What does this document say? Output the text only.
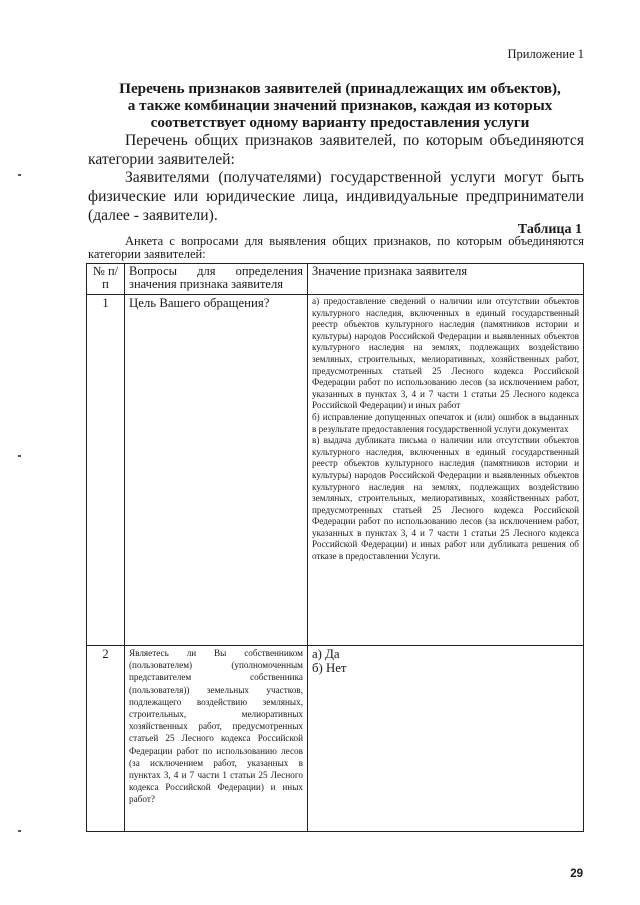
Приложение 1
Перечень признаков заявителей (принадлежащих им объектов),
а также комбинации значений признаков, каждая из которых
соответствует одному варианту предоставления услуги
Перечень общих признаков заявителей, по которым объединяются категории заявителей:
Заявителями (получателями) государственной услуги могут быть физические или юридические лица, индивидуальные предприниматели (далее - заявители).
Таблица 1
Анкета с вопросами для выявления общих признаков, по которым объединяются категории заявителей:
№ п/п	Вопросы для определения значения признака заявителя	Значение признака заявителя
1	Цель Вашего обращения?	а) предоставление сведений о наличии или отсутствии объектов культурного наследия, включенных в единый государственный реестр объектов культурного наследия (памятников истории и культуры) народов Российской Федерации и выявленных объектов культурного наследия на землях, подлежащих воздействию земляных, строительных, мелиоративных, хозяйственных работ, предусмотренных статьей 25 Лесного кодекса Российской Федерации работ по использованию лесов (за исключением работ, указанных в пунктах 3, 4 и 7 части 1 статьи 25 Лесного кодекса Российской Федерации) и иных работ

б) исправление допущенных опечаток и (или) ошибок в выданных в результате предоставления государственной услуги документах

в) выдача дубликата письма о наличии или отсутствии объектов культурного наследия, включенных в единый государственный реестр объектов культурного наследия (памятников истории и культуры) народов Российской Федерации и выявленных объектов культурного наследия на землях, подлежащих воздействию земляных, строительных, мелиоративных, хозяйственных работ, предусмотренных статьей 25 Лесного кодекса Российской Федерации работ по использованию лесов (за исключением работ, указанных в пунктах 3, 4 и 7 части 1 статьи 25 Лесного кодекса Российской Федерации) и иных работ или дубликата решения об отказе в предоставлении Услуги.

2	Являетесь ли Вы собственником (пользователем) (уполномоченным представителем собственника (пользователя)) земельных участков, подлежащего воздействию земляных, строительных, мелиоративных хозяйственных работ, предусмотренных статьей 25 Лесного кодекса Российской Федерации работ по использованию лесов (за исключением работ, указанных в пунктах 3, 4 и 7 части 1 статьи 25 Лесного кодекса Российской Федерации) и иных работ?	а) Да

б) Нет

29
